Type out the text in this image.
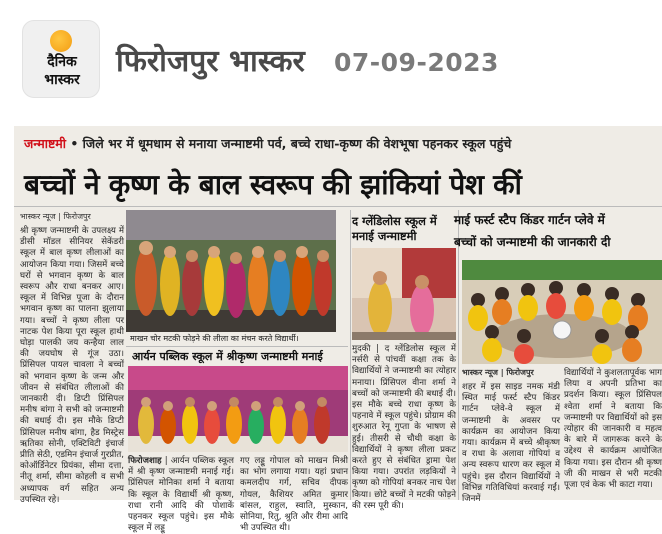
दैनिक
भास्कर
फिरोजपुर भास्कर 07-09-2023
जन्माष्टमी • जिले भर में धूमधाम से मनाया जन्माष्टमी पर्व, बच्चे राधा-कृष्ण की वेशभूषा पहनकर स्कूल पहुंचे
बच्चों ने कृष्ण के बाल स्वरूप की झांकियां पेश कीं
भास्कर न्यूज | फिरोजपुर
श्री कृष्ण जन्माष्टमी के उपलक्ष्य में डीसी मॉडल सीनियर सेकेंडरी स्कूल में बाल कृष्ण लीलाओं का आयोजन किया गया। जिसमें बच्चे घरों से भगवान कृष्ण के बाल स्वरूप और राधा बनकर आए। स्कूल में विभिन्न पूजा के दौरान भगवान कृष्ण का पालना झुलाया गया। बच्चों ने कृष्ण लीला पर नाटक पेश किया पूरा स्कूल हाथी घोड़ा पालकी जय कन्हैया लाल की जयघोष से गूंज उठा। प्रिंसिपल पायल चावला ने बच्चों को भगवान कृष्ण के जन्म और जीवन से संबंधित लीलाओं की जानकारी दी। डिप्टी प्रिंसिपल मनीष बांगा ने सभी को जन्माष्टमी की बधाई दी। इस मौके डिप्टी प्रिंसिपल मनीष बांगा, हैड मिस्ट्रेस ऋतिका सोनी, एक्टिविटी इंचार्ज प्रीति सेठी, एडमिन इंचार्ज गुरप्रीत, कोऑर्डिनेटर प्रियंका, सीमा दत्ता, नीतू शर्मा, सीमा कोहली व सभी अध्यापक वर्ग सहित अन्य उपस्थित रहे।
माखन चोर मटकी फोड़ने की लीला का मंचन करते विद्यार्थी।
आर्यन पब्लिक स्कूल में श्रीकृष्ण जन्माष्टमी मनाई
फिरोजशाह | आर्यन पब्लिक स्कूल में श्री कृष्ण जन्माष्टमी मनाई गई। प्रिंसिपल मोनिका शर्मा ने बताया कि स्कूल के विद्यार्थी श्री कृष्ण, राधा रानी आदि की पोशाकें पहनकर स्कूल पहुंचे। इस मौके स्कूल में लड्डू
गए लड्डू गोपाल को माखन मिश्री का भोग लगाया गया। यहां प्रधान कमलदीप गर्ग, सचिव दीपक गोयल, कैशियर अमित कुमार बांसल, राहुल, स्वाति, मुस्कान, सोनिया, रितु, श्रुति और रीमा आदि भी उपस्थित थी।
द ग्लेंडिलोस स्कूल में मनाई जन्माष्टमी
मुदकी | द ग्लेंडिलोस स्कूल में नर्सरी से पांचवीं कक्षा तक के विद्यार्थियों ने जन्माष्टमी का त्योहार मनाया। प्रिंसिपल वीना शर्मा ने बच्चों को जन्माष्टमी की बधाई दी। इस मौके बच्चे राधा कृष्ण के पहनावे में स्कूल पहुंचे। प्रोग्राम की शुरुआत रेनू गुप्ता के भाषण से हुई। तीसरी से चौथी कक्षा के विद्यार्थियों ने कृष्ण लीला प्रकट करते हुए से संबंधित ड्रामा पेश किया गया। उपरांत लड़कियों ने कृष्ण को गोपियां बनकर नाच पेश किया। छोटे बच्चों ने मटकी फोड़ने की रस्म पूरी की।
माई फर्स्ट स्टैप किंडर गार्टन प्लेवे में
बच्चों को जन्माष्टमी की जानकारी दी
भास्कर न्यूज | फिरोजपुर
शहर में इस साइड नमक मंडी स्थित माई फर्स्ट स्टैप किंडर गार्टन प्लेवे-वे स्कूल में जन्माष्टमी के अवसर पर कार्यक्रम का आयोजन किया गया। कार्यक्रम में बच्चे श्रीकृष्ण व राधा के अलावा गोपियां व अन्य स्वरूप धारण कर स्कूल में पहुंचे। इस दौरान विद्यार्थियों ने विभिन्न गतिविधियां करवाई गईं। जिनमें
विद्यार्थियों ने कुशलतापूर्वक भाग लिया व अपनी प्रतिभा का प्रदर्शन किया। स्कूल प्रिंसिपल श्वेता शर्मा ने बताया कि जन्माष्टमी पर विद्यार्थियों को इस त्योहार की जानकारी व महत्व के बारे में जागरूक करने के उद्देश्य से कार्यक्रम आयोजित किया गया। इस दौरान श्री कृष्ण जी की माखन से भरी मटकी पूजा एवं केक भी काटा गया।
